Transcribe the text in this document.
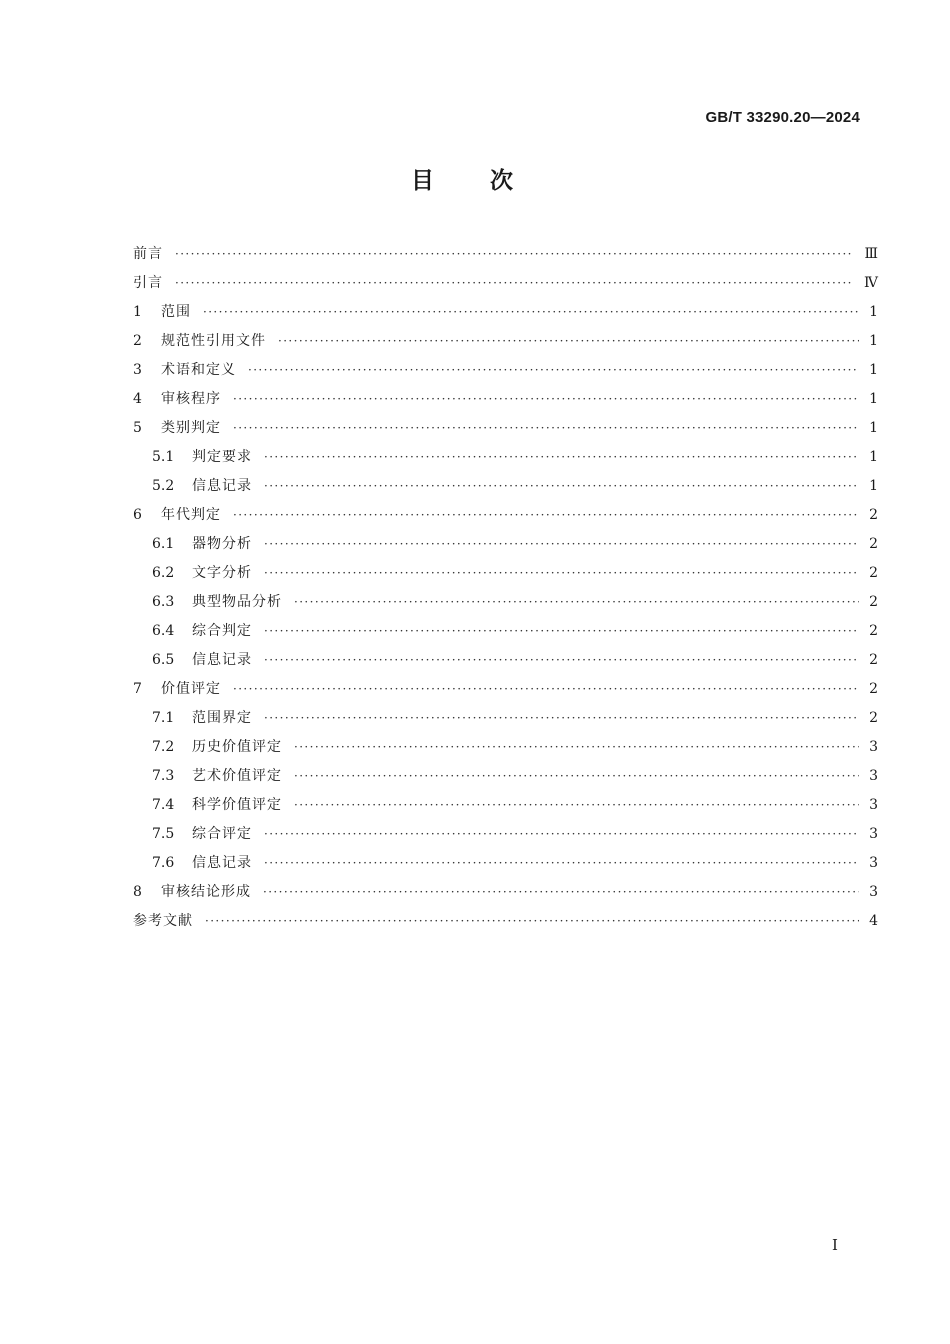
GB/T 33290.20—2024
目次
前言 ·····	Ⅲ
引言 ·····	Ⅳ
1 范围 ·····	1
2 规范性引用文件 ·····	1
3 术语和定义 ·····	1
4 审核程序 ·····	1
5 类别判定 ·····	1
5.1 判定要求 ·····	1
5.2 信息记录 ·····	1
6 年代判定 ·····	2
6.1 器物分析 ·····	2
6.2 文字分析 ·····	2
6.3 典型物品分析 ·····	2
6.4 综合判定 ·····	2
6.5 信息记录 ·····	2
7 价值评定 ·····	2
7.1 范围界定 ·····	2
7.2 历史价值评定 ·····	3
7.3 艺术价值评定 ·····	3
7.4 科学价值评定 ·····	3
7.5 综合评定 ·····	3
7.6 信息记录 ·····	3
8 审核结论形成 ·····	3
参考文献 ·····	4
Ⅰ
